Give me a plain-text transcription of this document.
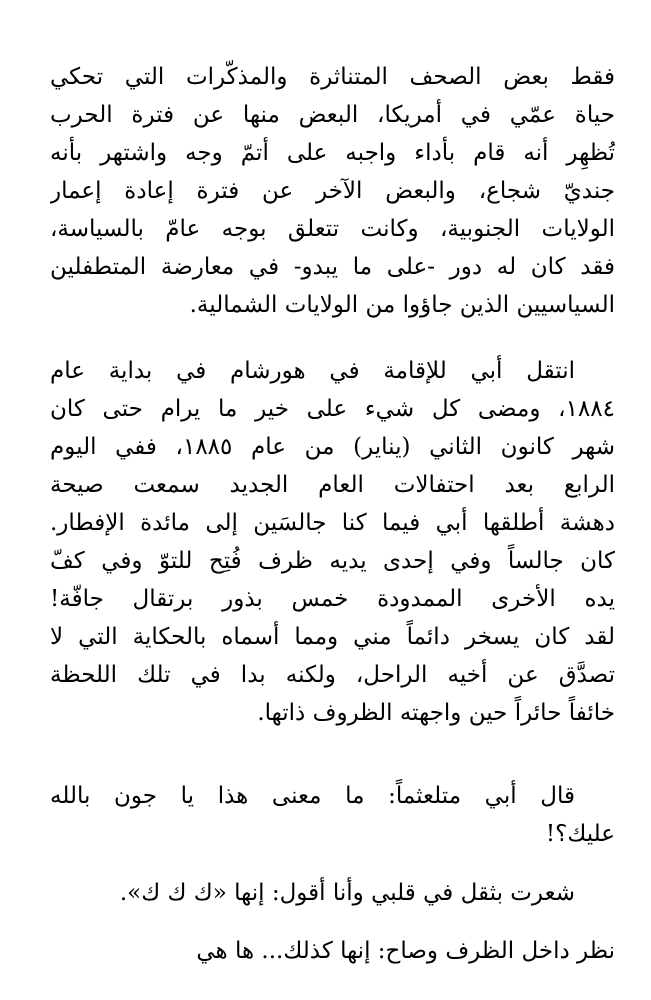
فقط بعض الصحف المتناثرة والمذكّرات التي تحكي
حياة عمّي في أمريكا، البعض منها عن فترة الحرب
تُظهِر أنه قام بأداء واجبه على أتمّ وجه واشتهر بأنه
جنديّ شجاع، والبعض الآخر عن فترة إعادة إعمار
الولايات الجنوبية، وكانت تتعلق بوجه عامّ بالسياسة،
فقد كان له دور -على ما يبدو- في معارضة المتطفلين
السياسيين الذين جاؤوا من الولايات الشمالية.
انتقل أبي للإقامة في هورشام في بداية عام
١٨٨٤، ومضى كل شيء على خير ما يرام حتى كان
شهر كانون الثاني (يناير) من عام ١٨٨٥، ففي اليوم
الرابع بعد احتفالات العام الجديد سمعت صيحة
دهشة أطلقها أبي فيما كنا جالسَين إلى مائدة الإفطار.
كان جالساً وفي إحدى يديه ظرف فُتِح للتوّ وفي كفّ
يده الأخرى الممدودة خمس بذور برتقال جافّة!
لقد كان يسخر دائماً مني ومما أسماه بالحكاية التي لا
تصدَّق عن أخيه الراحل، ولكنه بدا في تلك اللحظة
خائفاً حائراً حين واجهته الظروف ذاتها.
قال أبي متلعثماً: ما معنى هذا يا جون بالله
عليك؟!
شعرت بثقل في قلبي وأنا أقول: إنها «ك ك ك».
نظر داخل الظرف وصاح: إنها كذلك... ها هي
